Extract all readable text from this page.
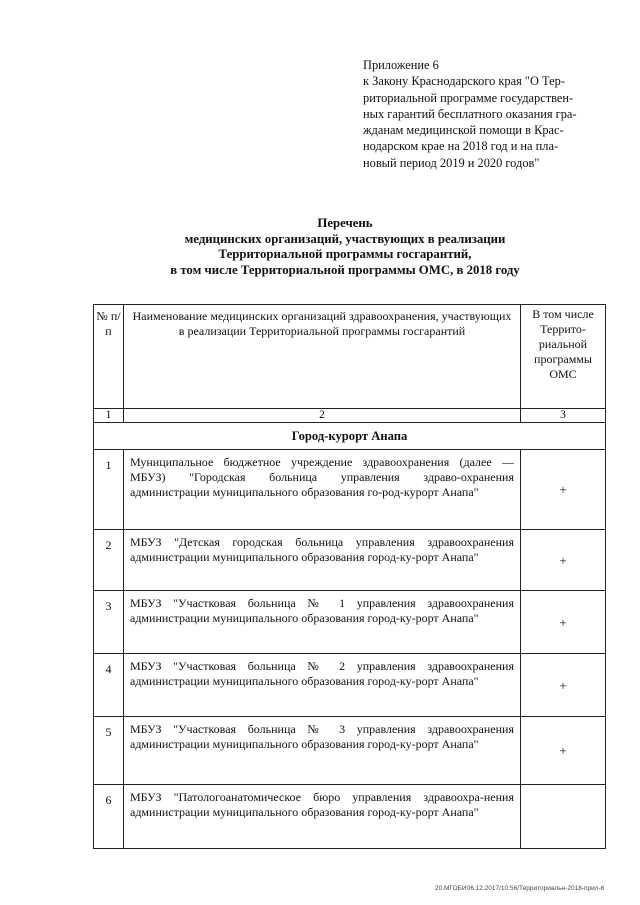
Приложение 6
к Закону Краснодарского края "О Тер-
риториальной программе государствен-
ных гарантий бесплатного оказания гра-
жданам медицинской помощи в Крас-
нодарском крае на 2018 год и на пла-
новый период 2019 и 2020 годов"
Перечень
медицинских организаций, участвующих в реализации
Территориальной программы госгарантий,
в том числе Территориальной программы ОМС, в 2018 году
№ п/п	Наименование медицинских организаций здравоохранения, участвующих в реализации Территориальной программы госгарантий	В том числе Террито-риальной программы ОМС
1	2	3
Город-курорт Анапа		
1	Муниципальное бюджетное учреждение здравоохранения (далее — МБУЗ) "Городская больница управления здраво-охранения администрации муниципального образования го-род-курорт Анапа"	+
2	МБУЗ "Детская городская больница управления здравоохранения администрации муниципального образования город-ку-рорт Анапа"	+
3	МБУЗ "Участковая больница № 1 управления здравоохранения администрации муниципального образования город-ку-рорт Анапа"	+
4	МБУЗ "Участковая больница № 2 управления здравоохранения администрации муниципального образования город-ку-рорт Анапа"	+
5	МБУЗ "Участковая больница № 3 управления здравоохранения администрации муниципального образования город-ку-рорт Анапа"	+
6	МБУЗ "Патологоанатомическое бюро управления здравоохра-нения администрации муниципального образования город-ку-рорт Анапа"	
20.МГОБИ06.12.2017/10:56/Территориальн-2018-прил-6
